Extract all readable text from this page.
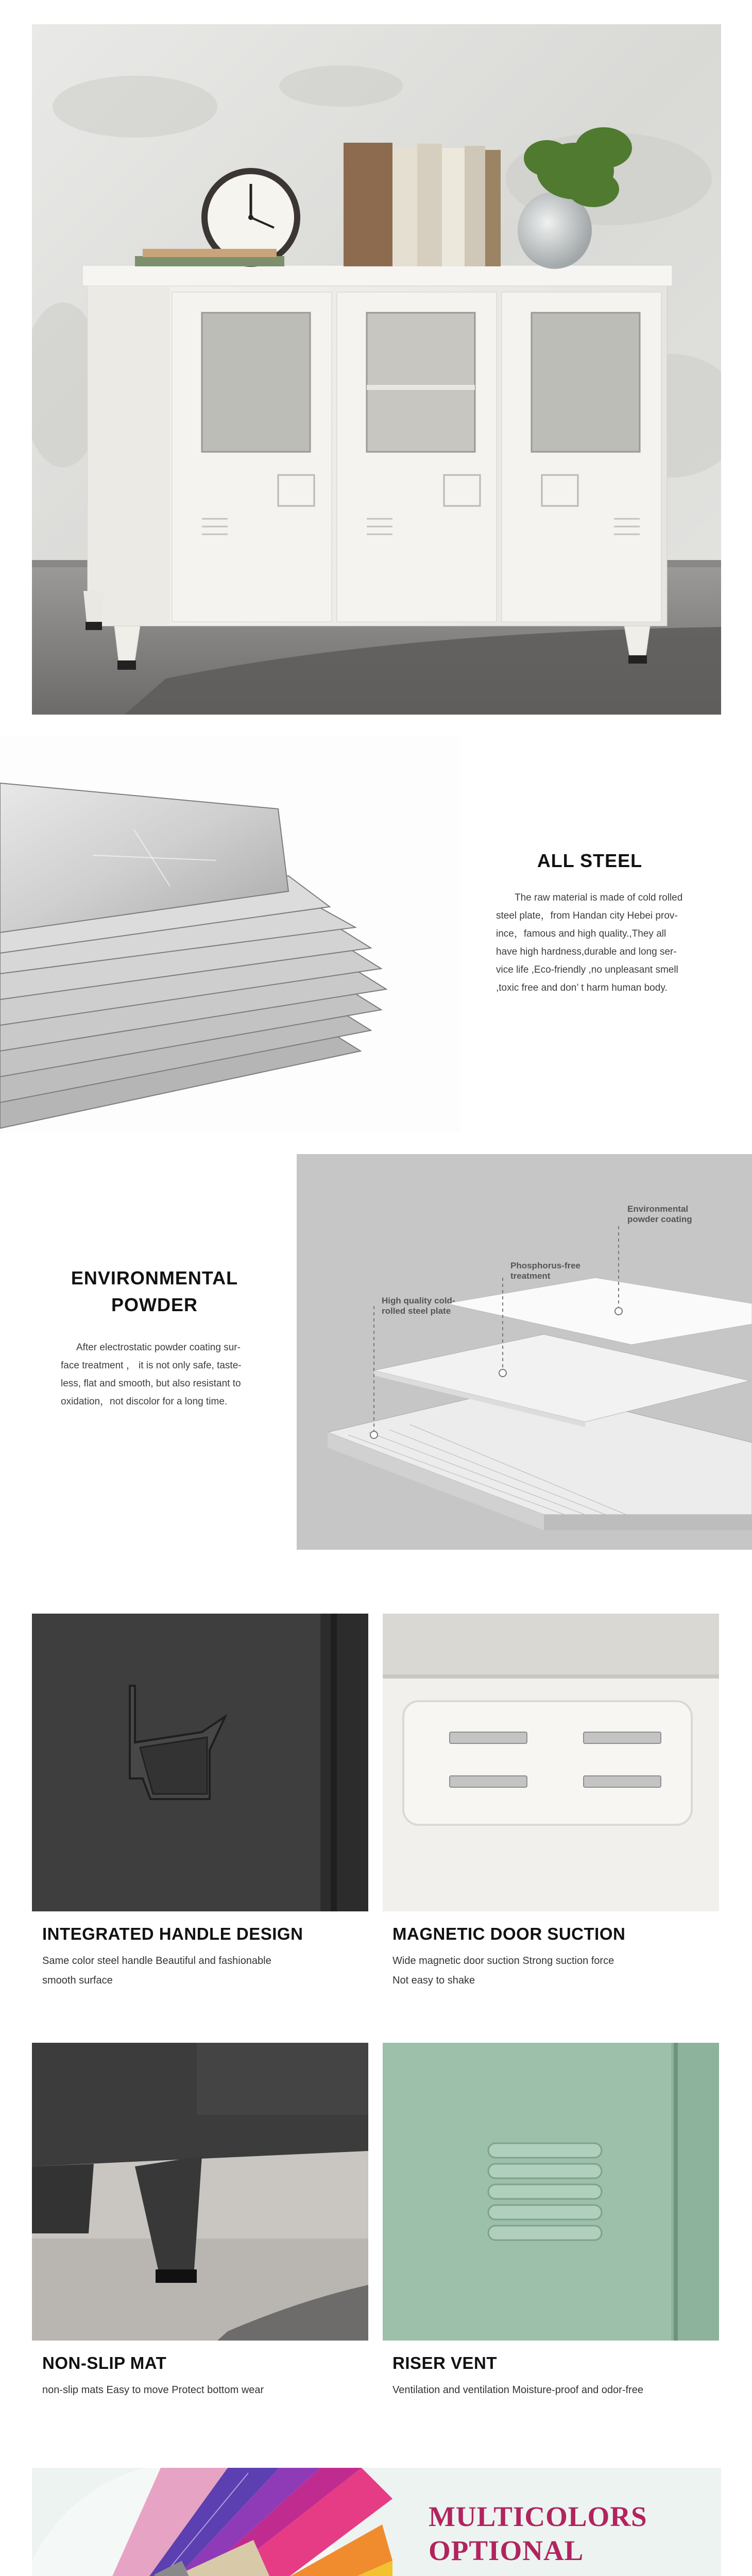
ALL STEEL
The raw material is made of cold rolled
steel plate，from Handan city Hebei prov-
ince，famous and high quality.,They all
have high hardness,durable and long ser-
vice life ,Eco-friendly ,no unpleasant smell
,toxic free and don’ t harm human body.
ENVIRONMENTAL
POWDER
After electrostatic powder coating sur-
face treatment ， it is not only safe, taste-
less, flat and smooth, but also resistant to
oxidation，not discolor for a long time.
Environmental
powder coating
Phosphorus-free
treatment
High quality cold-
rolled steel plate
INTEGRATED HANDLE DESIGN	MAGNETIC DOOR SUCTION
Same color steel handle Beautiful and fashionable
smooth surface
Wide magnetic door suction Strong suction force
Not easy to shake
NON-SLIP MAT	RISER VENT
non-slip mats Easy to move Protect bottom wear	Ventilation and ventilation Moisture-proof and odor-free
MULTICOLORS
OPTIONAL
